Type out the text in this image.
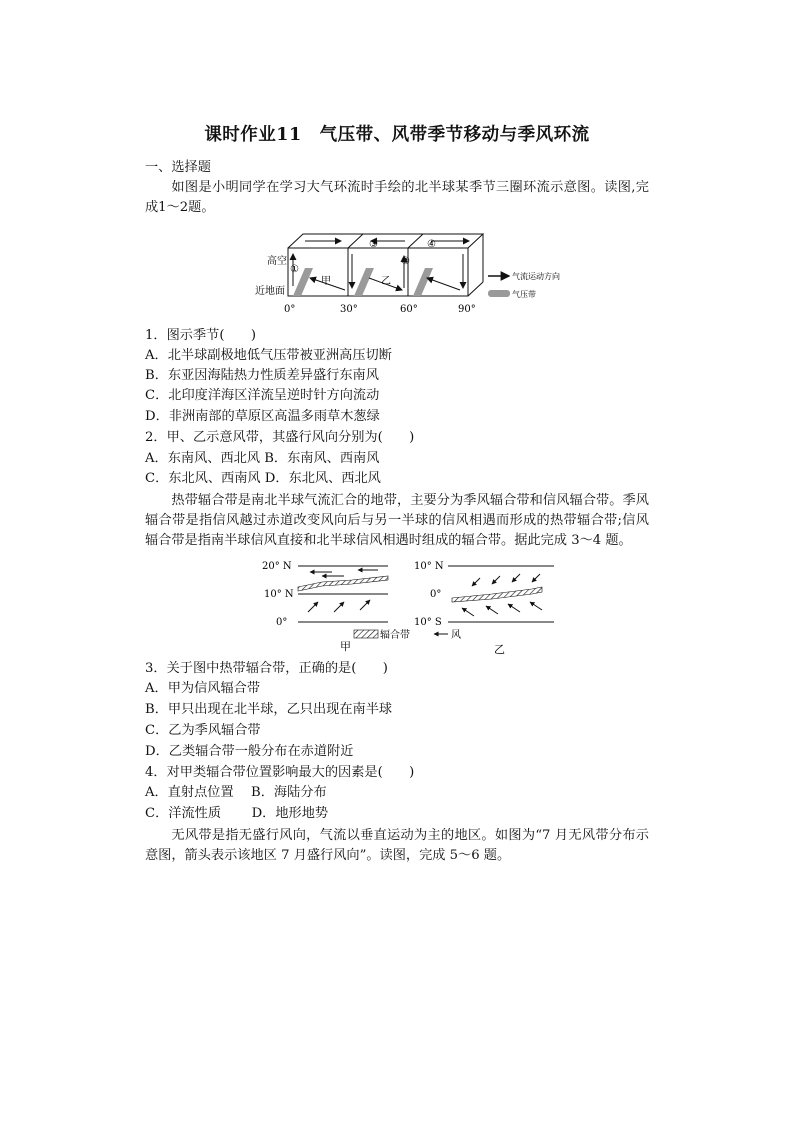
课时作业11　气压带、风带季节移动与季风环流
一、选择题
如图是小明同学在学习大气环流时手绘的北半球某季节三圈环流示意图。读图,完成1～2题。
高空
近地面
①
③	④
②
甲	乙
0°	30°	60°	90°
气流运动方向
气压带
1．图示季节(　　)
A．北半球副极地低气压带被亚洲高压切断
B．东亚因海陆热力性质差异盛行东南风
C．北印度洋海区洋流呈逆时针方向流动
D．非洲南部的草原区高温多雨草木葱绿
2．甲、乙示意风带，其盛行风向分别为(　　)
A．东南风、西北风 B．东南风、西南风
C．东北风、西南风 D．东北风、西北风
热带辐合带是南北半球气流汇合的地带，主要分为季风辐合带和信风辐合带。季风辐合带是指信风越过赤道改变风向后与另一半球的信风相遇而形成的热带辐合带;信风辐合带是指南半球信风直接和北半球信风相遇时组成的辐合带。据此完成 3～4 题。
20° N
10° N
0°
甲
辐合带	风
10° N
0°
10° S
乙
3．关于图中热带辐合带，正确的是(　　)
A．甲为信风辐合带
B．甲只出现在北半球，乙只出现在南半球
C．乙为季风辐合带
D．乙类辐合带一般分布在赤道附近
4．对甲类辐合带位置影响最大的因素是(　　)
A．直射点位置　 B．海陆分布
C．洋流性质　　 D．地形地势
无风带是指无盛行风向，气流以垂直运动为主的地区。如图为“7 月无风带分布示意图，箭头表示该地区 7 月盛行风向”。读图，完成 5～6 题。
